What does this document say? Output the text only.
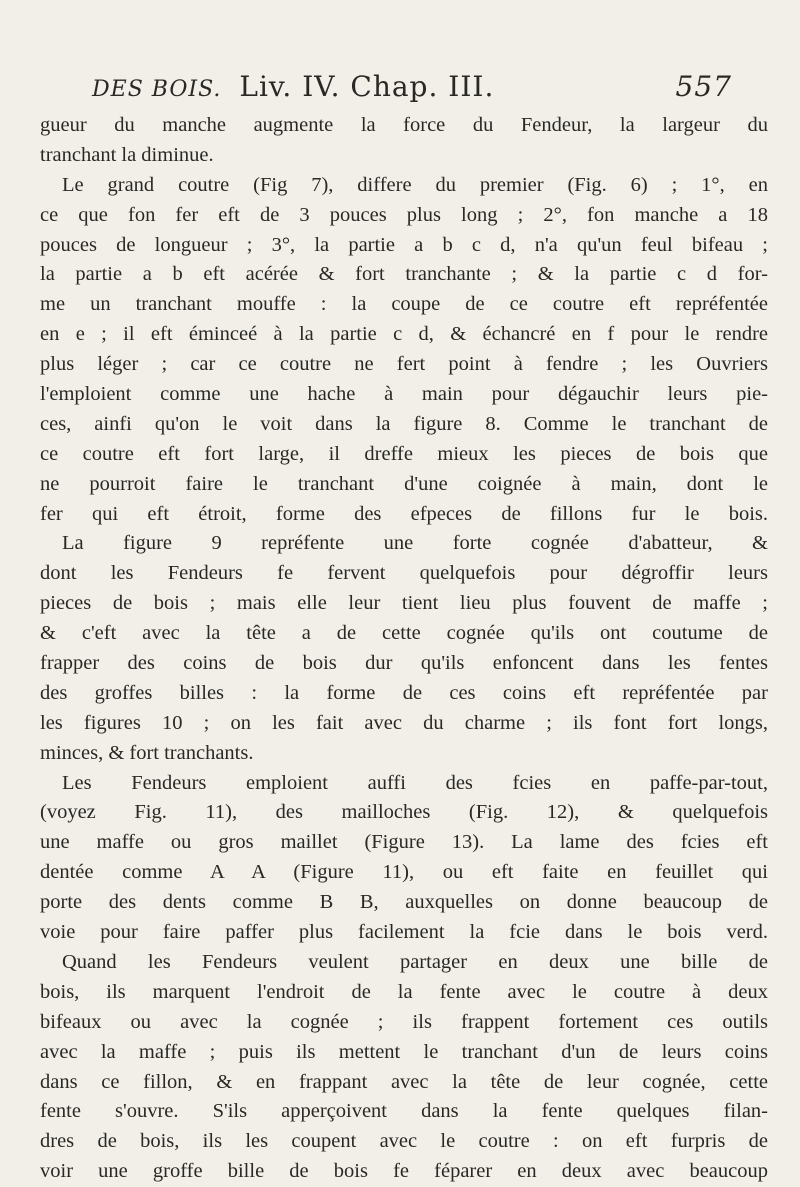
DES BOIS. Liv. IV. Chap. III.	557
gueur du manche augmente la force du Fendeur, la largeur du
tranchant la diminue.
Le grand coutre (Fig 7), differe du premier (Fig. 6) ; 1°, en
ce que fon fer eft de 3 pouces plus long ; 2°, fon manche a 18
pouces de longueur ; 3°, la partie a b c d, n'a qu'un feul bifeau ;
la partie a b eft acérée & fort tranchante ; & la partie c d for-
me un tranchant mouffe : la coupe de ce coutre eft repréfentée
en e ; il eft éminceé à la partie c d, & échancré en f pour le rendre
plus léger ; car ce coutre ne fert point à fendre ; les Ouvriers
l'emploient comme une hache à main pour dégauchir leurs pie-
ces, ainfi qu'on le voit dans la figure 8. Comme le tranchant de
ce coutre eft fort large, il dreffe mieux les pieces de bois que
ne pourroit faire le tranchant d'une coignée à main, dont le
fer qui eft étroit, forme des efpeces de fillons fur le bois.
La figure 9 repréfente une forte cognée d'abatteur, &
dont les Fendeurs fe fervent quelquefois pour dégroffir leurs
pieces de bois ; mais elle leur tient lieu plus fouvent de maffe ;
& c'eft avec la tête a de cette cognée qu'ils ont coutume de
frapper des coins de bois dur qu'ils enfoncent dans les fentes
des groffes billes : la forme de ces coins eft repréfentée par
les figures 10 ; on les fait avec du charme ; ils font fort longs,
minces, & fort tranchants.
Les Fendeurs emploient auffi des fcies en paffe-par-tout,
(voyez Fig. 11), des mailloches (Fig. 12), & quelquefois
une maffe ou gros maillet (Figure 13). La lame des fcies eft
dentée comme A A (Figure 11), ou eft faite en feuillet qui
porte des dents comme B B, auxquelles on donne beaucoup de
voie pour faire paffer plus facilement la fcie dans le bois verd.
Quand les Fendeurs veulent partager en deux une bille de
bois, ils marquent l'endroit de la fente avec le coutre à deux
bifeaux ou avec la cognée ; ils frappent fortement ces outils
avec la maffe ; puis ils mettent le tranchant d'un de leurs coins
dans ce fillon, & en frappant avec la tête de leur cognée, cette
fente s'ouvre. S'ils apperçoivent dans la fente quelques filan-
dres de bois, ils les coupent avec le coutre : on eft furpris de
voir une groffe bille de bois fe féparer en deux avec beaucoup
